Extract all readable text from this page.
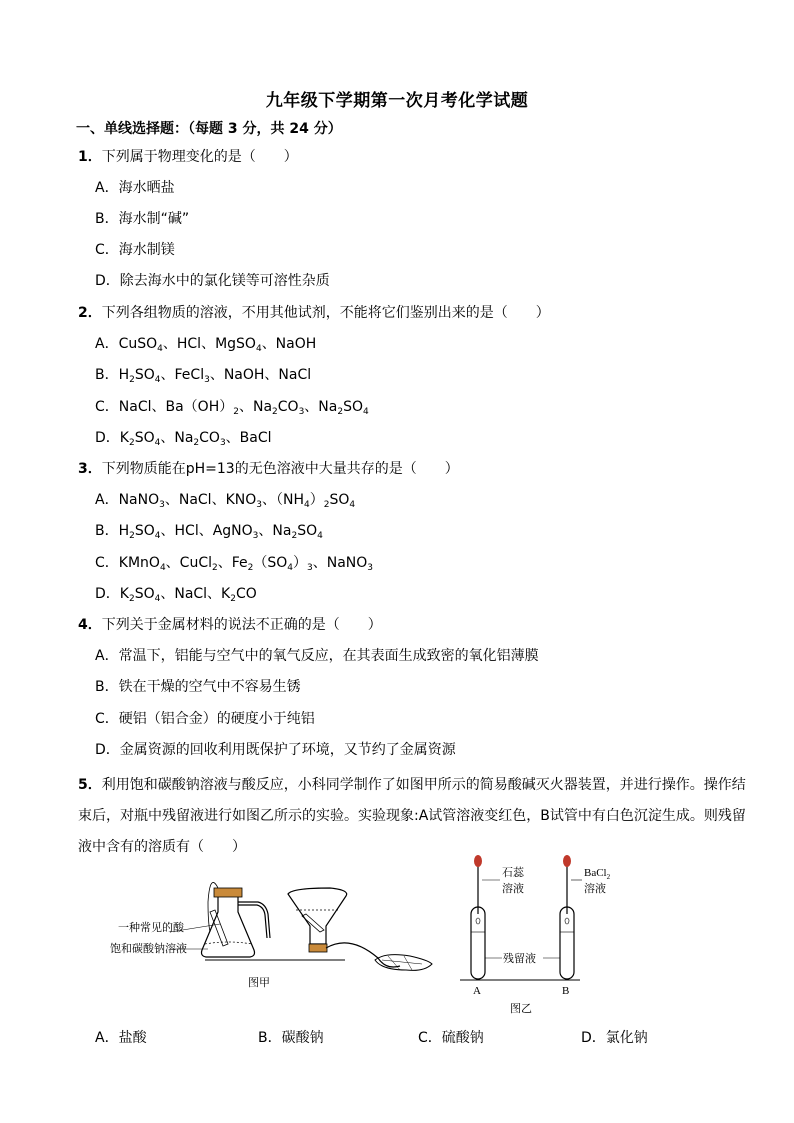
九年级下学期第一次月考化学试题
一、单线选择题：（每题 3 分，共 24 分）
1．下列属于物理变化的是（　　）
A．海水晒盐
B．海水制“碱”
C．海水制镁
D．除去海水中的氯化镁等可溶性杂质
2．下列各组物质的溶液，不用其他试剂，不能将它们鉴别出来的是（　　）
A．CuSO$_4$、HCl、MgSO$_4$、NaOH
B．$H_2SO_4$、FeCl$_3$、NaOH、NaCl
C．NaCl、$Ba(OH)_2$、$Na_2CO_3$、$Na_2SO_4$
D．$K_2SO_4$、$Na_2CO_3$、BaCl
3．下列物质能在pH=13的无色溶液中大量共存的是（　　）
A．NaNO$_3$、NaCl、$KNO_3$、$(NH_4)_2SO_4$
B．$H_2SO_4$、HCl、AgNO$_3$、$Na_2SO_4$
C．KMnO$_4$、CuCl$_2$、$Fe_2(SO_4)_3$、NaNO$_3$
D．$K_2SO_4$、NaCl、$K_2CO$
4．下列关于金属材料的说法不正确的是（　　）
A．常温下，铝能与空气中的氧气反应，在其表面生成致密的氧化铝薄膜
B．铁在干燥的空气中不容易生锈
C．硬铝（铝合金）的硬度小于纯铝
D．金属资源的回收利用既保护了环境，又节约了金属资源
5．利用饱和碳酸钠溶液与酸反应，小科同学制作了如图甲所示的简易酸碱灭火器装置，并进行操作。操作结束后，对瓶中残留液进行如图乙所示的实验。实验现象:A试管溶液变红色，B试管中有白色沉淀生成。则残留液中含有的溶质有（　　）
一种常见的酸
饱和碳酸钠溶液
图甲
石蕊
溶液
BaCl$_2$
溶液
残留液
A	B
图乙
A．盐酸	B．碳酸钠	C．硫酸钠	D．氯化钠
